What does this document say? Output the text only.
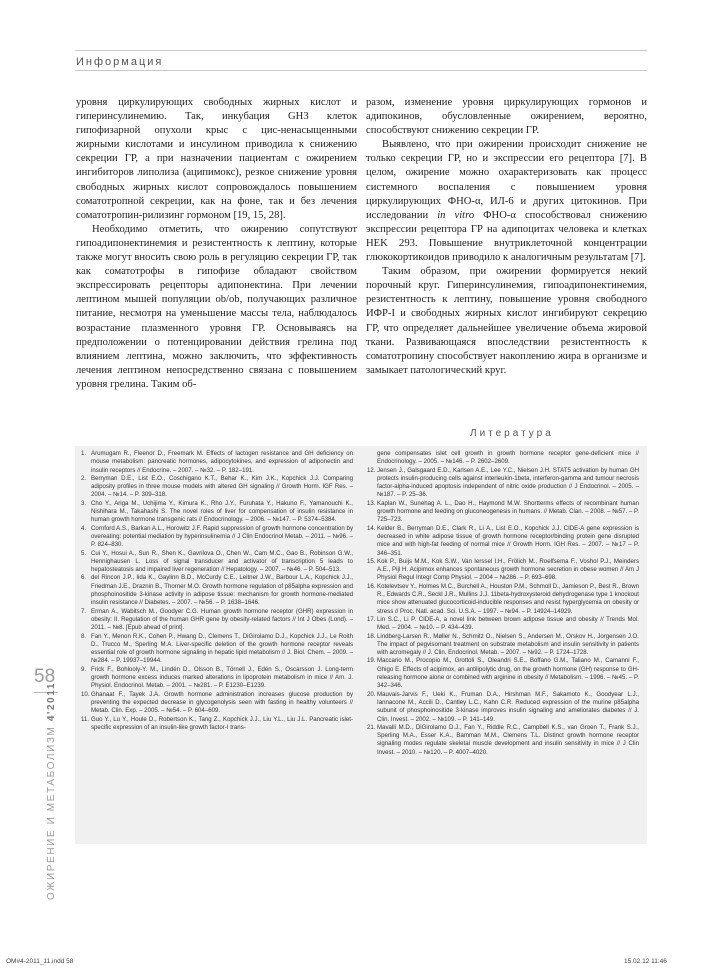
Информация

уровня циркулирующих свободных жирных кислот и гиперинсулинемию. Так, инкубация GH3 клеток гипофизарной опухоли крыс с цис-ненасыщенными жирными кислотами и инсулином приводила к снижению секреции ГР, а при назначении пациентам с ожирением ингибиторов липолиза (аципимокс), резкое снижение уровня свободных жирных кислот сопровождалось повышением соматотропной секреции, как на фоне, так и без лечения соматотропин-рилизинг гормоном [19, 15, 28].

Необходимо отметить, что ожирению сопутствуют гипоадипонектинемия и резистентность к лептину, которые также могут вносить свою роль в регуляцию секреции ГР, так как соматотрофы в гипофизе обладают свойством экспрессировать рецепторы адипонектина. При лечении лептином мышей популяции ob/ob, получающих различное питание, несмотря на уменьшение массы тела, наблюдалось возрастание плазменного уровня ГР. Основываясь на предположении о потенцировании действия грелина под влиянием лептина, можно заключить, что эффективность лечения лептином непосредственно связана с повышением уровня грелина. Таким об-

разом, изменение уровня циркулирующих гормонов и адипокинов, обусловленные ожирением, вероятно, способствуют снижению секреции ГР.

Выявлено, что при ожирении происходит снижение не только секреции ГР, но и экспрессии его рецептора [7]. В целом, ожирение можно охарактеризовать как процесс системного воспаления с повышением уровня циркулирующих ФНО-α, ИЛ-6 и других цитокинов. При исследовании in vitro ФНО-α способствовал снижению экспрессии рецептора ГР на адипоцитах человека и клетках HEK 293. Повышение внутриклеточной концентрации глюкокортикоидов приводило к аналогичным результатам [7].

Таким образом, при ожирении формируется некий порочный круг. Гиперинсулинемия, гипоадипонектинемия, резистентность к лептину, повышение уровня свободного ИФР-I и свободных жирных кислот ингибируют секрецию ГР, что определяет дальнейшее увеличение объема жировой ткани. Развивающаяся впоследствии резистентность к соматотропину способствует накоплению жира в организме и замыкает патологический круг.

Литература
1. Arumugam R., Fleenor D., Freemark M. Effects of lactogen resistance and GH deficiency on mouse metabolism: pancreatic hormones, adipocytokines, and expression of adiponectin and insulin receptors // Endocrine. – 2007. – №32. – P. 182–191.
2. Berryman D.E., List E.O., Coschigano K.T., Behar K., Kim J.K., Kopchick J.J. Comparing adiposity profiles in three mouse models with altered GH signaling // Growth Horm. IGF Res. – 2004. – №14. – P. 309–318.
3. Cho Y., Ariga M., Uchijima Y., Kimura K., Rho J.Y., Furuhata Y., Hakuno F., Yamanouchi K., Nishihara M., Takahashi S. The novel roles of liver for compensation of insulin resistance in human growth hormone transgenic rats // Endocrinology. – 2006. – №147. – P. 5374–5384.
4. Cornford A.S., Barkan A.L., Horowitz J.F. Rapid suppression of growth hormone concentration by overeating: potential mediation by hyperinsulinemia // J Clin Endocrinol Metab. – 2011. – №96. – P. 824–830.
5. Cui Y., Hosui A., Sun R., Shen K., Gavrilova O., Chen W., Cam M.C., Gao B., Robinson G.W., Hennighausen L. Loss of signal transducer and activator of transcription 5 leads to hepatosteatosis and impaired liver regeneration // Hepatology. – 2007. – №46. – P. 504–513.
6. del Rincon J.P., Iida K., Gaylinn B.D., McCurdy C.E., Leitner J.W., Barbour L.A., Kopchick J.J., Friedman J.E., Draznin B., Thorner M.O. Growth hormone regulation of p85alpha expression and phosphoinositide 3-kinase activity in adipose tissue: mechanism for growth hormone-mediated insulin resistance // Diabetes. – 2007. – №56. – P. 1638–1646.
7. Erman A., Wabitsch M., Goodyer C.G. Human growth hormone receptor (GHR) expression in obesity: II. Regulation of the human GHR gene by obesity-related factors // Int J Obes (Lond). – 2011. – №8. [Epub ahead of print].
8. Fan Y., Menon R.K., Cohen P., Hwang D., Clemens T., DiGirolamo D.J., Kopchick J.J., Le Roith D., Trucco M., Sperling M.A. Liver-specific deletion of the growth hormone receptor reveals essential role of growth hormone signaling in hepatic lipid metabolism // J. Biol. Chem. – 2009. – №284. – P. 19937–19944.
9. Frick F., Bohlooly-Y. M., Lindén D., Olsson B., Törnell J., Edén S., Oscarsson J. Long-term growth hormone excess induces marked alterations in lipoprotein metabolism in mice // Am. J. Physiol. Endocrinol. Metab. – 2001. – №281. – P. E1230–E1239.
10. Ghanaat F., Tayek J.A. Growth hormone administration increases glucose production by preventing the expected decrease in glycogenolysis seen with fasting in healthy volunteers // Metab. Clin. Exp. – 2005. – №54. – P. 604–609.
11. Guo Y., Lu Y., Houle D., Robertson K., Tang Z., Kopchick J.J., Liu Y.L., Liu J.L. Pancreatic islet-specific expression of an insulin-like growth factor-I trans-
gene compensates islet cell growth in growth hormone receptor gene-deficient mice // Endocrinology. – 2005. – №146. – P. 2602–2609.
12. Jensen J., Galsgaard E.D., Karlsen A.E., Lee Y.C., Nielsen J.H. STAT5 activation by human GH protects insulin-producing cells against interleukin-1beta, interferon-gamma and tumour necrosis factor-alpha-induced apoptosis independent of nitric oxide production // J Endocrinol. – 2005. – №187. – P. 25–36.
13. Kaplan W., Sunehag A. L., Dao H., Haymond M.W. Shortterms effects of recombinant human growth hormone and feeding on gluconeogenesis in humans. // Metab. Clan. – 2008. – №57. – P. 725–723.
14. Kelder B., Berryman D.E., Clark R., Li A., List E.O., Kopchick J.J. CIDE-A gene expression is decreased in white adipose tissue of growth hormone receptor/binding protein gene disrupted mice and with high-fat feeding of normal mice // Growth Horm. IGH Res. – 2007. – №17 – P. 346–351.
15. Kok P., Buijs M.M., Kok S.W., Van Ierssel I.H., Frölich M., Roelfsema F., Voshol P.J., Meinders A.E., Pijl H. Acipimox enhances spontaneous growth hormone secretion in obese women // Am J Physiol Regul Integr Comp Physiol. – 2004 – №286. – P. 693–698.
16. Kotelevtsev Y., Holmes M.C., Burchell A., Houston P.M., Schmoll D., Jamieson P., Best R., Brown R., Edwards C.R., Seckl J.R., Mullins J.J. 11beta-hydroxysteroid dehydrogenase type 1 knockout mice show attenuated glucocorticoid-inducible responses and resist hyperglycemia on obesity or stress // Proc. Natl. acad. Sci. U.S.A. – 1997. – №94. – P. 14924–14929.
17. Lin S.C., Li P. CIDE-A, a novel link between brown adipose tissue and obesity // Trends Mol. Med. – 2004. – №10. – P. 434–439.
18. Lindberg-Larsen R., Møller N., Schmitz O., Nielsen S., Andersen M., Orskov H., Jorgensen J.O. The impact of pegvisomant treatment on substrate metabolism and insulin sensitivity in patients with acromegaly // J. Clin. Endocrinol. Metab. – 2007. – №92. – P. 1724–1728.
19. Maccario M., Procopio M., Grottoli S., Oleandri S.E., Boffano G.M., Taliano M., Camanni F., Ghigo E. Effects of acipimox, an antilipolytic drug, on the growth hormone (GH) response to GH-releasing hormone alone or combined with arginine in obesity // Metabolism. – 1996. – №45. – P. 342–346.
20. Mauvais-Jarvis F., Ueki K., Fruman D.A., Hirshman M.F., Sakamoto K., Goodyear L.J., Iannacone M., Accili D., Cantley L.C., Kahn C.R. Reduced expression of the murine p85alpha subunit of phosphoinositide 3-kinase improves insulin signaling and ameliorates diabetes // J. Clin. Invest. – 2002. – №109. – P. 141–149.
21. Mavalli M.D., DiGirolamo D.J., Fan Y., Riddle R.C., Campbell K.S., van Groen T., Frank S.J., Sperling M.A., Esser K.A., Bamman M.M., Clemens T.L. Distinct growth hormone receptor signaling modes regulate skeletal muscle development and insulin sensitivity in mice // J Clin Invest. – 2010. – №120. – P. 4007–4020.
58
ОЖИРЕНИЕ И МЕТАБОЛИЗМ 4'2011
OM#4-2011_11.indd 58	15.02.12 11:46
